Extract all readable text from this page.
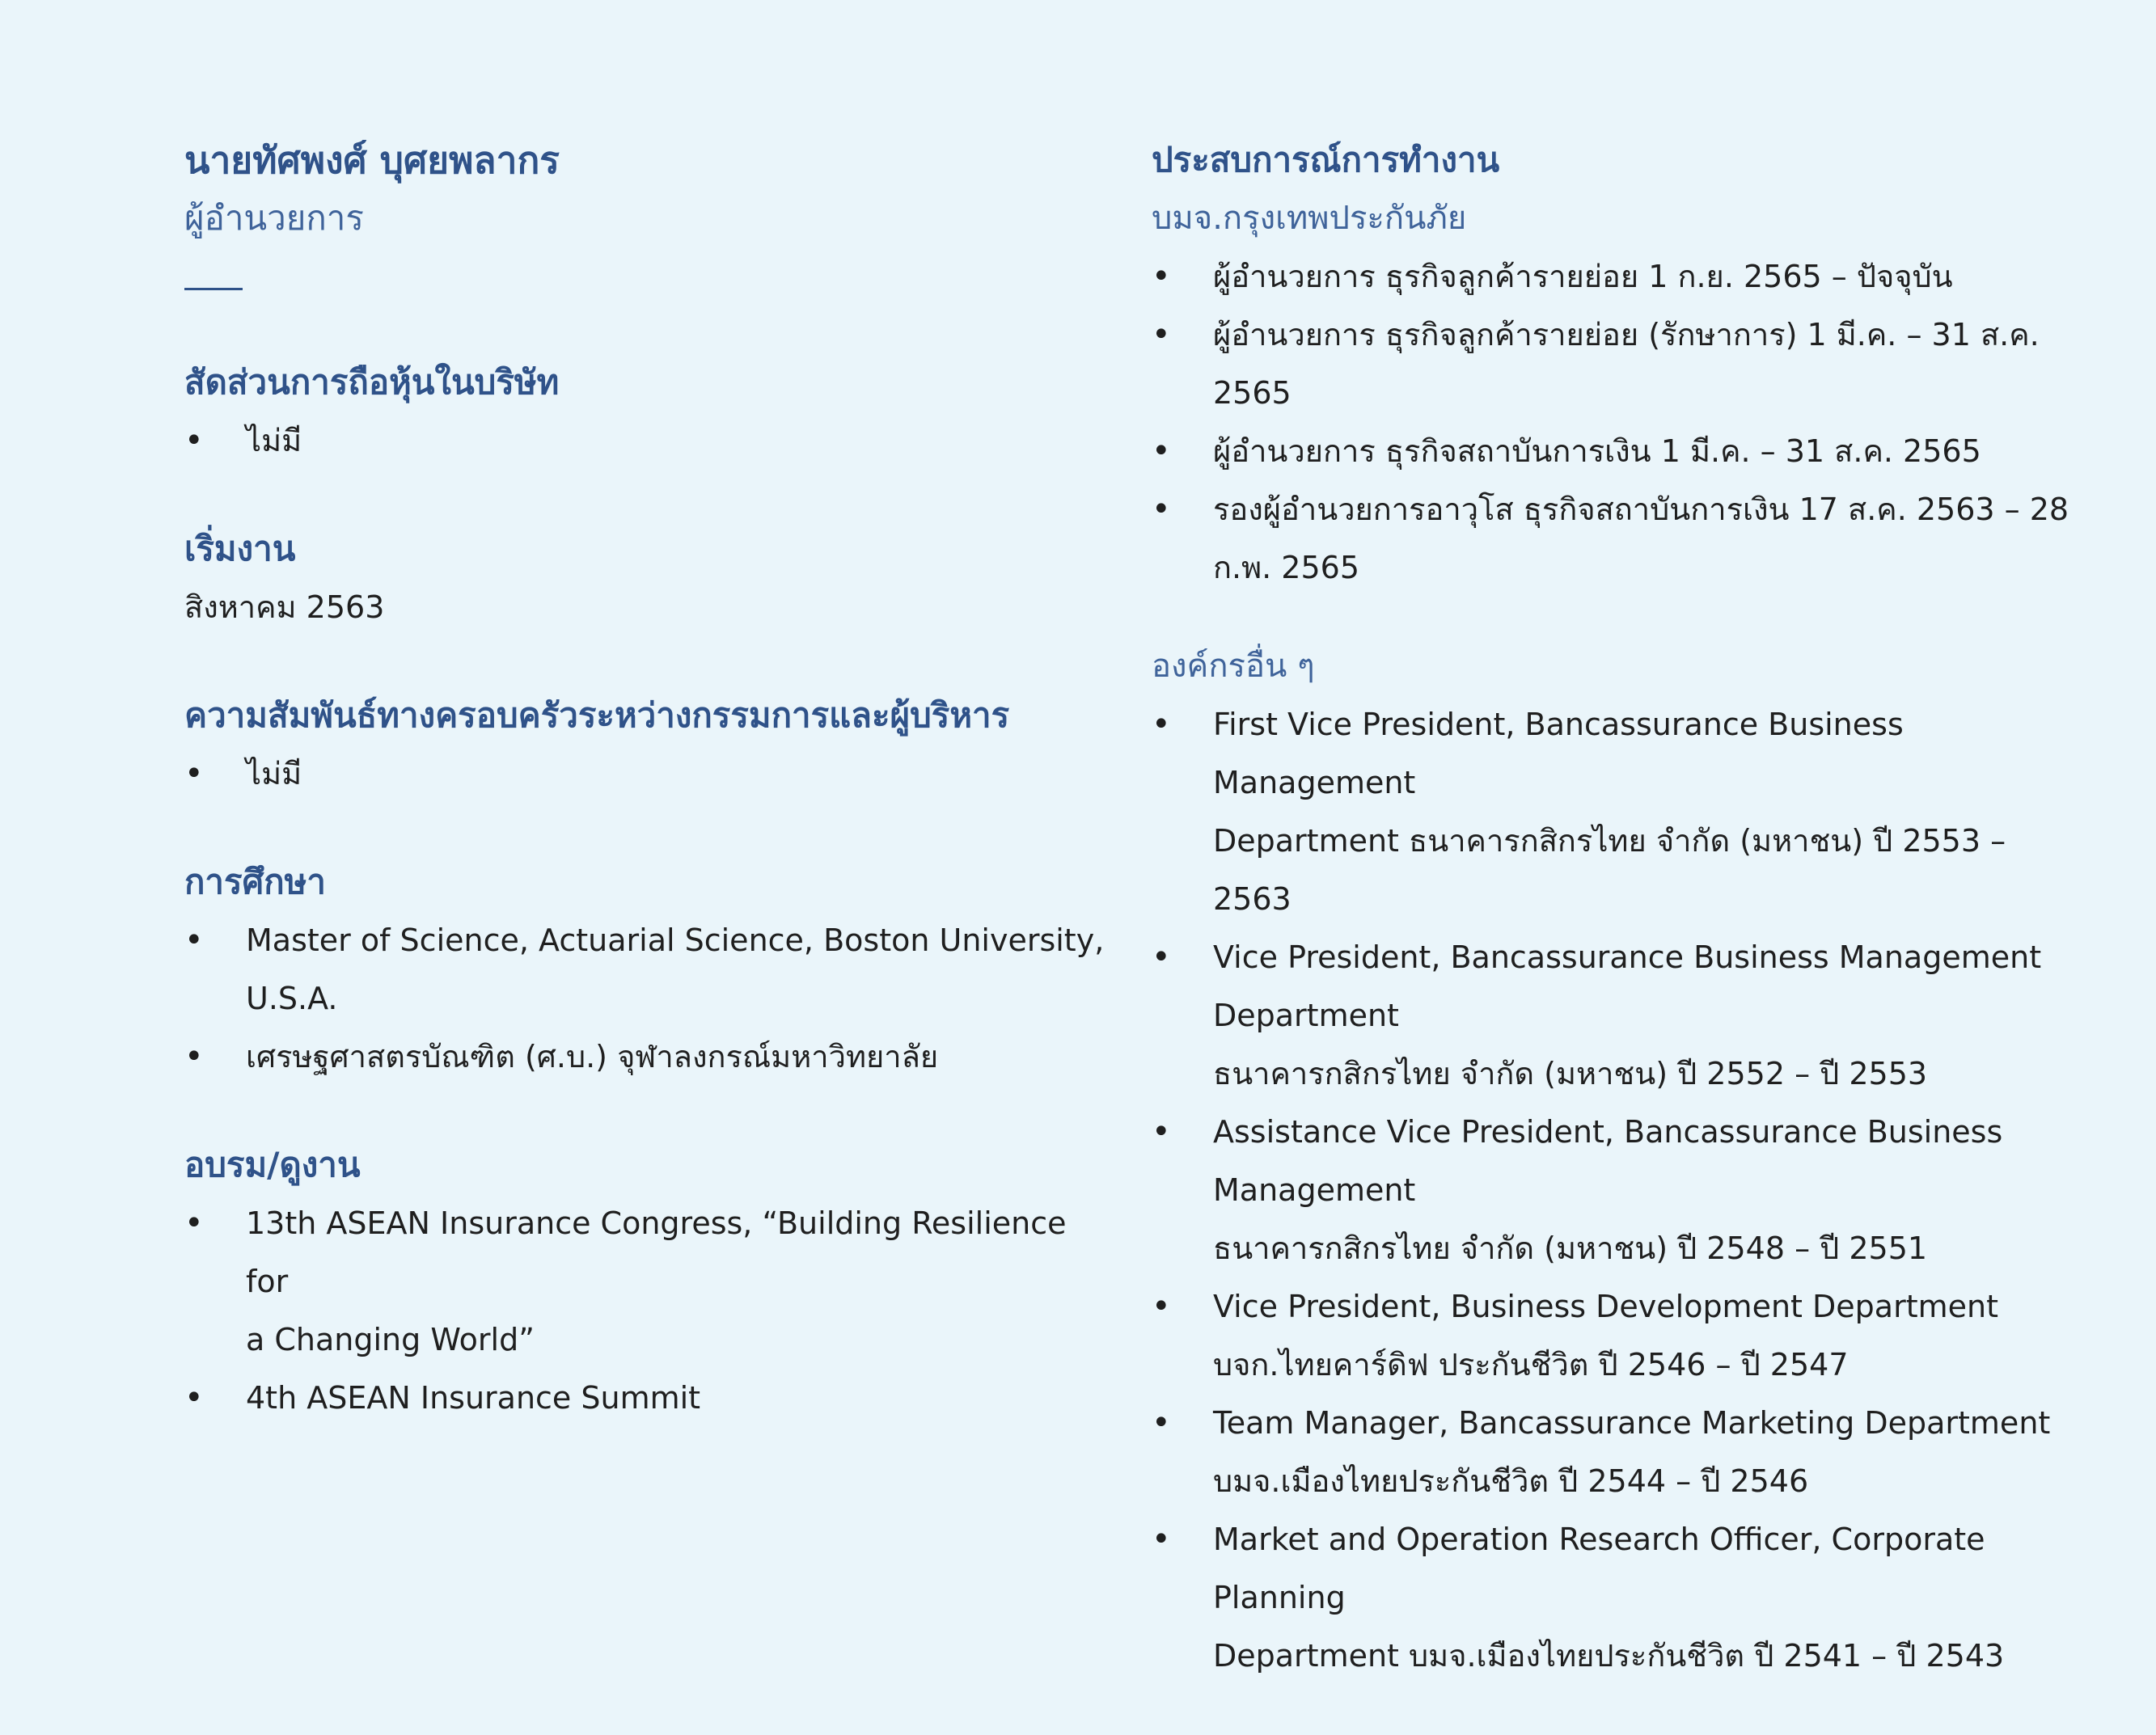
นายทัศพงศ์ บุศยพลากร

ผู้อำนวยการ

สัดส่วนการถือหุ้นในบริษัท

•	ไม่มี

เริ่มงาน

สิงหาคม 2563

ความสัมพันธ์ทางครอบครัวระหว่างกรรมการและผู้บริหาร

•	ไม่มี

การศึกษา

•	Master of Science, Actuarial Science, Boston University,
U.S.A.
•	เศรษฐศาสตรบัณฑิต (ศ.บ.) จุฬาลงกรณ์มหาวิทยาลัย

อบรม/ดูงาน

•	13th ASEAN Insurance Congress, “Building Resilience for
a Changing World”
•	4th ASEAN Insurance Summit

ประสบการณ์การทำงาน

บมจ.กรุงเทพประกันภัย

•	ผู้อำนวยการ ธุรกิจลูกค้ารายย่อย 1 ก.ย. 2565 – ปัจจุบัน
•	ผู้อำนวยการ ธุรกิจลูกค้ารายย่อย (รักษาการ) 1 มี.ค. – 31 ส.ค.
2565
•	ผู้อำนวยการ ธุรกิจสถาบันการเงิน 1 มี.ค. – 31 ส.ค. 2565
•	รองผู้อำนวยการอาวุโส ธุรกิจสถาบันการเงิน 17 ส.ค. 2563 – 28
ก.พ. 2565

องค์กรอื่น ๆ

•	First Vice President, Bancassurance Business Management
Department ธนาคารกสิกรไทย จำกัด (มหาชน) ปี 2553 – 2563
•	Vice President, Bancassurance Business Management
Department
ธนาคารกสิกรไทย จำกัด (มหาชน) ปี 2552 – ปี 2553
•	Assistance Vice President, Bancassurance Business
Management
ธนาคารกสิกรไทย จำกัด (มหาชน) ปี 2548 – ปี 2551
•	Vice President, Business Development Department
บจก.ไทยคาร์ดิฟ ประกันชีวิต ปี 2546 – ปี 2547
•	Team Manager, Bancassurance Marketing Department
บมจ.เมืองไทยประกันชีวิต ปี 2544 – ปี 2546
•	Market and Operation Research Officer, Corporate Planning
Department บมจ.เมืองไทยประกันชีวิต ปี 2541 – ปี 2543
